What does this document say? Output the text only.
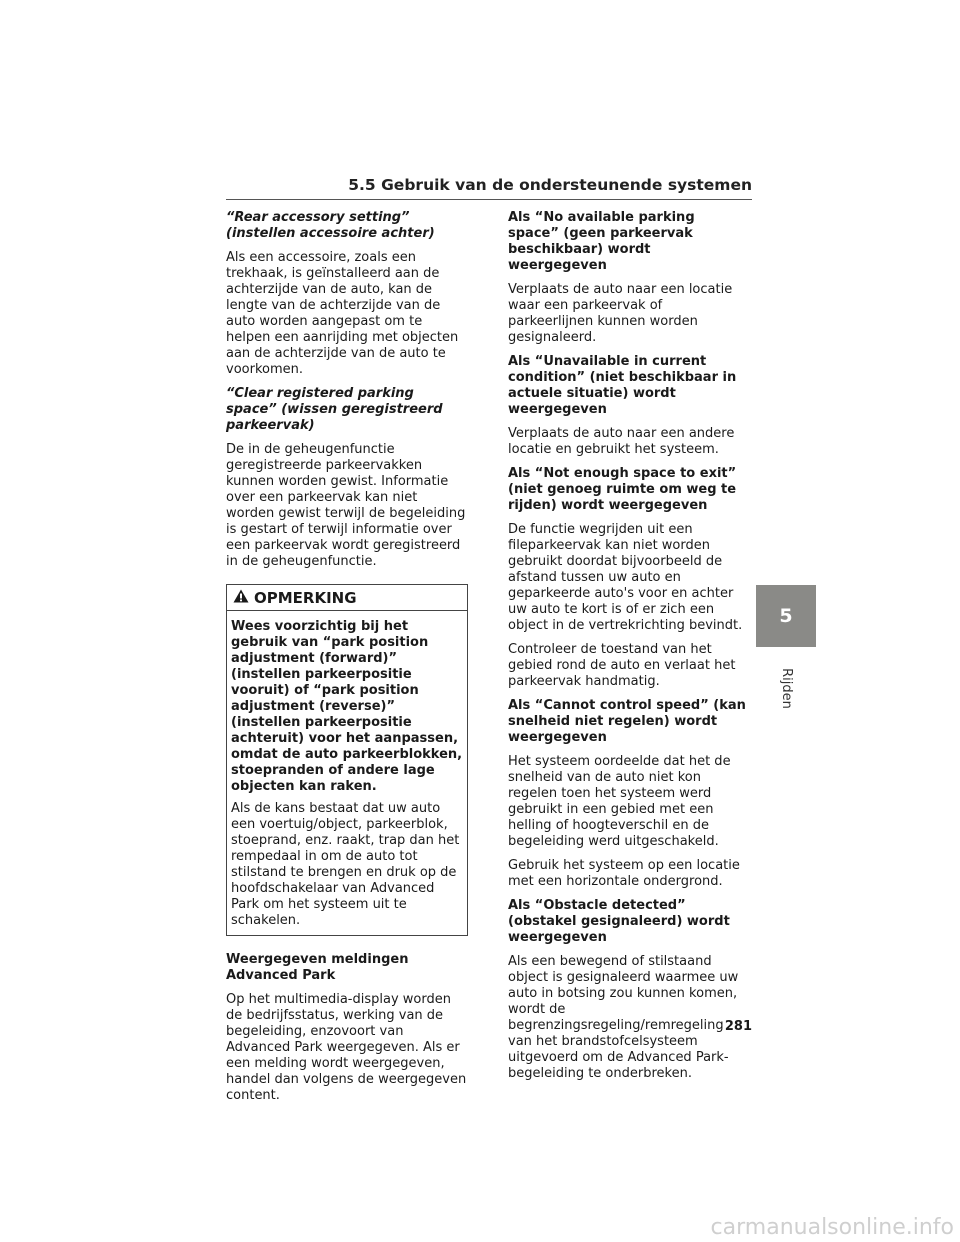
5.5 Gebruik van de ondersteunende systemen
“Rear accessory setting” (instellen accessoire achter)

Als een accessoire, zoals een trekhaak, is geïnstalleerd aan de achterzijde van de auto, kan de lengte van de achterzijde van de auto worden aangepast om te helpen een aanrijding met objecten aan de achterzijde van de auto te voorkomen.

“Clear registered parking space” (wissen geregistreerd parkeervak)

De in de geheugenfunctie geregistreerde parkeervakken kunnen worden gewist. Informatie over een parkeervak kan niet worden gewist terwijl de begeleiding is gestart of terwijl informatie over een parkeervak wordt geregistreerd in de geheugenfunctie.

OPMERKING
Wees voorzichtig bij het gebruik van “park position adjustment (forward)” (instellen parkeerpositie vooruit) of “park position adjustment (reverse)” (instellen parkeerpositie achteruit) voor het aanpassen, omdat de auto parkeerblokken, stoepranden of andere lage objecten kan raken.

Als de kans bestaat dat uw auto een voertuig/object, parkeerblok, stoeprand, enz. raakt, trap dan het rempedaal in om de auto tot stilstand te brengen en druk op de hoofdschakelaar van Advanced Park om het systeem uit te schakelen.

Weergegeven meldingen Advanced Park

Op het multimedia-display worden de bedrijfsstatus, werking van de begeleiding, enzovoort van Advanced Park weergegeven. Als er een melding wordt weergegeven, handel dan volgens de weergegeven content.

Als “No available parking space” (geen parkeervak beschikbaar) wordt weergegeven

Verplaats de auto naar een locatie waar een parkeervak of parkeerlijnen kunnen worden gesignaleerd.

Als “Unavailable in current condition” (niet beschikbaar in actuele situatie) wordt weergegeven

Verplaats de auto naar een andere locatie en gebruikt het systeem.

Als “Not enough space to exit” (niet genoeg ruimte om weg te rijden) wordt weergegeven

De functie wegrijden uit een fileparkeervak kan niet worden gebruikt doordat bijvoorbeeld de afstand tussen uw auto en geparkeerde auto's voor en achter uw auto te kort is of er zich een object in de vertrekrichting bevindt.

Controleer de toestand van het gebied rond de auto en verlaat het parkeervak handmatig.

Als “Cannot control speed” (kan snelheid niet regelen) wordt weergegeven

Het systeem oordeelde dat het de snelheid van de auto niet kon regelen toen het systeem werd gebruikt in een gebied met een helling of hoogteverschil en de begeleiding werd uitgeschakeld.

Gebruik het systeem op een locatie met een horizontale ondergrond.

Als “Obstacle detected” (obstakel gesignaleerd) wordt weergegeven

Als een bewegend of stilstaand object is gesignaleerd waarmee uw auto in botsing zou kunnen komen, wordt de begrenzingsregeling/remregeling van het brandstofcelsysteem uitgevoerd om de Advanced Park-begeleiding te onderbreken.

5
Rijden
281
carmanualsonline.info
